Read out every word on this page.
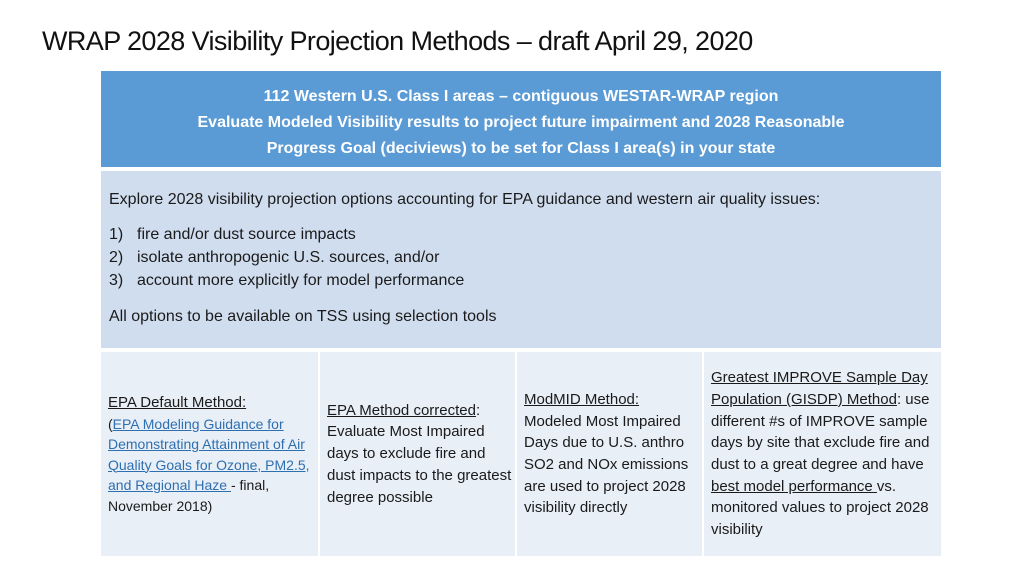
WRAP 2028 Visibility Projection Methods – draft April 29, 2020
112 Western U.S. Class I areas – contiguous WESTAR-WRAP region
Evaluate Modeled Visibility results to project future impairment and 2028 Reasonable
Progress Goal (deciviews) to be set for Class I area(s) in your state

Explore 2028 visibility projection options accounting for EPA guidance and western air quality issues:

1) fire and/or dust source impacts
2) isolate anthropogenic U.S. sources, and/or
3) account more explicitly for model performance

All options to be available on TSS using selection tools

EPA Default Method:
(EPA Modeling Guidance for Demonstrating Attainment of Air Quality Goals for Ozone, PM2.5, and Regional Haze - final, November 2018)
EPA Method corrected:
Evaluate Most Impaired days to exclude fire and dust impacts to the greatest degree possible
ModMID Method:
Modeled Most Impaired Days due to U.S. anthro SO2 and NOx emissions are used to project 2028 visibility directly
Greatest IMPROVE Sample Day Population (GISDP) Method: use different #s of IMPROVE sample days by site that exclude fire and dust to a great degree and have best model performance vs. monitored values to project 2028 visibility
